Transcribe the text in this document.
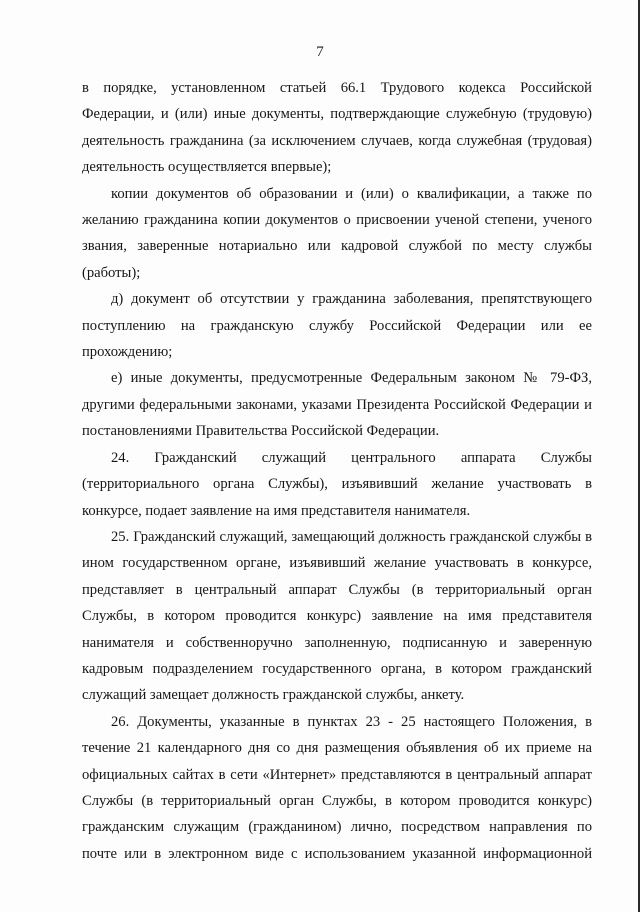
7

в порядке, установленном статьей 66.1 Трудового кодекса Российской Федерации, и (или) иные документы, подтверждающие служебную (трудовую) деятельность гражданина (за исключением случаев, когда служебная (трудовая) деятельность осуществляется впервые);

копии документов об образовании и (или) о квалификации, а также по желанию гражданина копии документов о присвоении ученой степени, ученого звания, заверенные нотариально или кадровой службой по месту службы (работы);

д) документ об отсутствии у гражданина заболевания, препятствующего поступлению на гражданскую службу Российской Федерации или ее прохождению;

е) иные документы, предусмотренные Федеральным законом № 79-ФЗ, другими федеральными законами, указами Президента Российской Федерации и постановлениями Правительства Российской Федерации.

24. Гражданский служащий центрального аппарата Службы (территориального органа Службы), изъявивший желание участвовать в конкурсе, подает заявление на имя представителя нанимателя.

25. Гражданский служащий, замещающий должность гражданской службы в ином государственном органе, изъявивший желание участвовать в конкурсе, представляет в центральный аппарат Службы (в территориальный орган Службы, в котором проводится конкурс) заявление на имя представителя нанимателя и собственноручно заполненную, подписанную и заверенную кадровым подразделением государственного органа, в котором гражданский служащий замещает должность гражданской службы, анкету.

26. Документы, указанные в пунктах 23 - 25 настоящего Положения, в течение 21 календарного дня со дня размещения объявления об их приеме на официальных сайтах в сети «Интернет» представляются в центральный аппарат Службы (в территориальный орган Службы, в котором проводится конкурс) гражданским служащим (гражданином) лично, посредством направления по почте или в электронном виде с использованием указанной информационной
